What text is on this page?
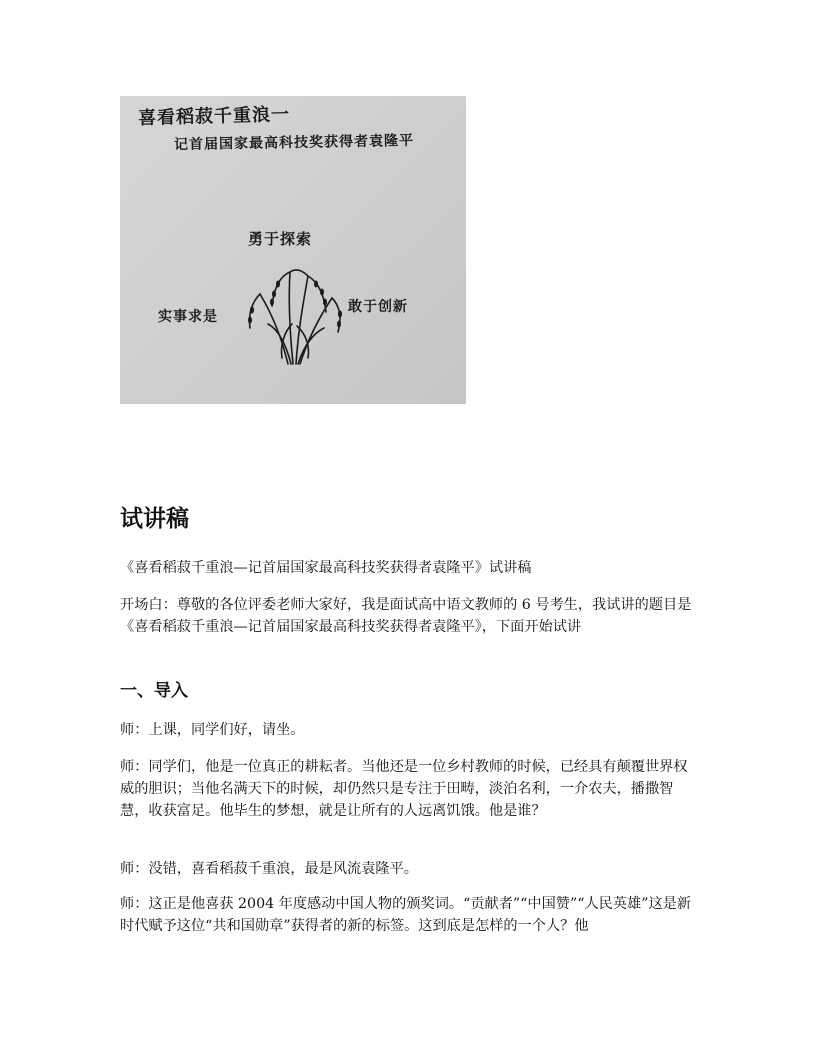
喜看稻菽千重浪一
记首届国家最高科技奖获得者袁隆平
勇于探索
实事求是
敢于创新
试讲稿

《喜看稻菽千重浪—记首届国家最高科技奖获得者袁隆平》试讲稿

开场白：尊敬的各位评委老师大家好，我是面试高中语文教师的 6 号考生，我试讲的题目是《喜看稻菽千重浪—记首届国家最高科技奖获得者袁隆平》，下面开始试讲

一、导入

师：上课，同学们好，请坐。

师：同学们，他是一位真正的耕耘者。当他还是一位乡村教师的时候，已经具有颠覆世界权威的胆识；当他名满天下的时候，却仍然只是专注于田畴，淡泊名利，一介农夫，播撒智慧，收获富足。他毕生的梦想，就是让所有的人远离饥饿。他是谁？

师：没错，喜看稻菽千重浪，最是风流袁隆平。

师：这正是他喜获 2004 年度感动中国人物的颁奖词。“贡献者”“中国赞”“人民英雄”这是新时代赋予这位“共和国勋章”获得者的新的标签。这到底是怎样的一个人？他
